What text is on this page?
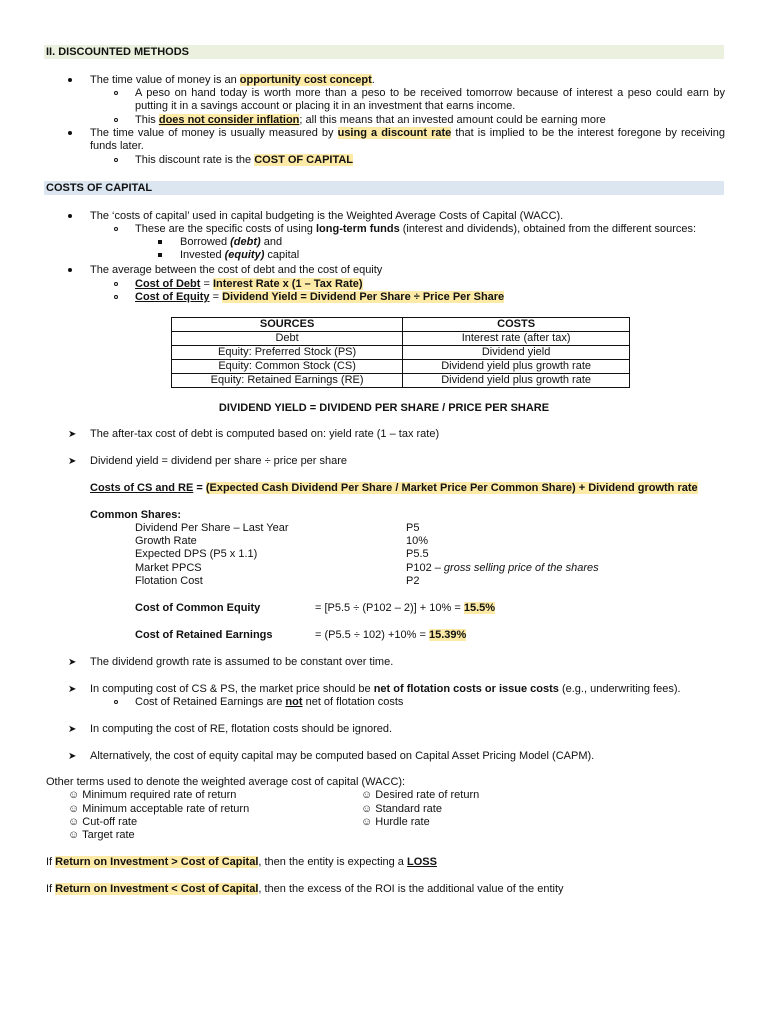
II. DISCOUNTED METHODS
The time value of money is an opportunity cost concept.
A peso on hand today is worth more than a peso to be received tomorrow because of interest a peso could earn by putting it in a savings account or placing it in an investment that earns income.
This does not consider inflation; all this means that an invested amount could be earning more
The time value of money is usually measured by using a discount rate that is implied to be the interest foregone by receiving funds later.
This discount rate is the COST OF CAPITAL
COSTS OF CAPITAL
The ‘costs of capital’ used in capital budgeting is the Weighted Average Costs of Capital (WACC).
These are the specific costs of using long-term funds (interest and dividends), obtained from the different sources:
Borrowed (debt) and
Invested (equity) capital
The average between the cost of debt and the cost of equity
Cost of Debt = Interest Rate x (1 – Tax Rate)
Cost of Equity = Dividend Yield = Dividend Per Share ÷ Price Per Share
SOURCES	COSTS
Debt	Interest rate (after tax)
Equity: Preferred Stock (PS)	Dividend yield
Equity: Common Stock (CS)	Dividend yield plus growth rate
Equity: Retained Earnings (RE)	Dividend yield plus growth rate
DIVIDEND YIELD = DIVIDEND PER SHARE / PRICE PER SHARE
➤ The after-tax cost of debt is computed based on: yield rate (1 – tax rate)
➤ Dividend yield = dividend per share ÷ price per share
Costs of CS and RE = (Expected Cash Dividend Per Share / Market Price Per Common Share) + Dividend growth rate
Common Shares:
Dividend Per Share – Last Year	P5
Growth Rate	10%
Expected DPS (P5 x 1.1)	P5.5
Market PPCS	P102 – gross selling price of the shares
Flotation Cost	P2
Cost of Common Equity	= [P5.5 ÷ (P102 – 2)] + 10% = 15.5%
Cost of Retained Earnings	= (P5.5 ÷ 102) +10% = 15.39%
➤ The dividend growth rate is assumed to be constant over time.
➤ In computing cost of CS & PS, the market price should be net of flotation costs or issue costs (e.g., underwriting fees).
Cost of Retained Earnings are not net of flotation costs
➤ In computing the cost of RE, flotation costs should be ignored.
➤ Alternatively, the cost of equity capital may be computed based on Capital Asset Pricing Model (CAPM).
Other terms used to denote the weighted average cost of capital (WACC):
☺ Minimum required rate of return
☺ Minimum acceptable rate of return
☺ Cut-off rate
☺ Target rate
☺ Desired rate of return
☺ Standard rate
☺ Hurdle rate
If Return on Investment > Cost of Capital, then the entity is expecting a LOSS
If Return on Investment < Cost of Capital, then the excess of the ROI is the additional value of the entity
